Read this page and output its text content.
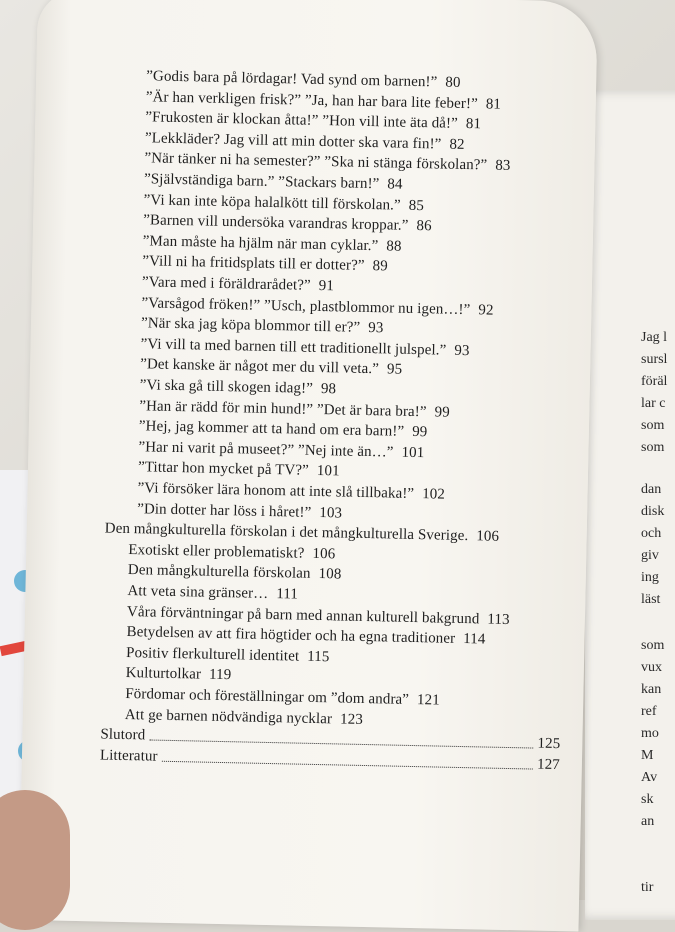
Jag l
sursl
föräl
lar c
som
som
dan
disk
och
giv
ing
läst
som
vux
kan
ref
mo
M
Av
sk
an
tir
”Godis bara på lördagar! Vad synd om barnen!” 80
”Är han verkligen frisk?” ”Ja, han har bara lite feber!” 81
”Frukosten är klockan åtta!” ”Hon vill inte äta då!” 81
”Lekkläder? Jag vill att min dotter ska vara fin!” 82
”När tänker ni ha semester?” ”Ska ni stänga förskolan?” 83
”Självständiga barn.” ”Stackars barn!” 84
”Vi kan inte köpa halalkött till förskolan.” 85
”Barnen vill undersöka varandras kroppar.” 86
”Man måste ha hjälm när man cyklar.” 88
”Vill ni ha fritidsplats till er dotter?” 89
”Vara med i föräldrarådet?” 91
”Varsågod fröken!” ”Usch, plastblommor nu igen…!” 92
”När ska jag köpa blommor till er?” 93
”Vi vill ta med barnen till ett traditionellt julspel.” 93
”Det kanske är något mer du vill veta.” 95
”Vi ska gå till skogen idag!” 98
”Han är rädd för min hund!” ”Det är bara bra!” 99
”Hej, jag kommer att ta hand om era barn!” 99
”Har ni varit på museet?” ”Nej inte än…” 101
”Tittar hon mycket på TV?” 101
”Vi försöker lära honom att inte slå tillbaka!” 102
”Din dotter har löss i håret!” 103
Den mångkulturella förskolan i det mångkulturella Sverige. 106
Exotiskt eller problematiskt? 106
Den mångkulturella förskolan 108
Att veta sina gränser… 111
Våra förväntningar på barn med annan kulturell bakgrund 113
Betydelsen av att fira högtider och ha egna traditioner 114
Positiv flerkulturell identitet 115
Kulturtolkar 119
Fördomar och föreställningar om ”dom andra” 121
Att ge barnen nödvändiga nycklar 123
Slutord
125
Litteratur
127
